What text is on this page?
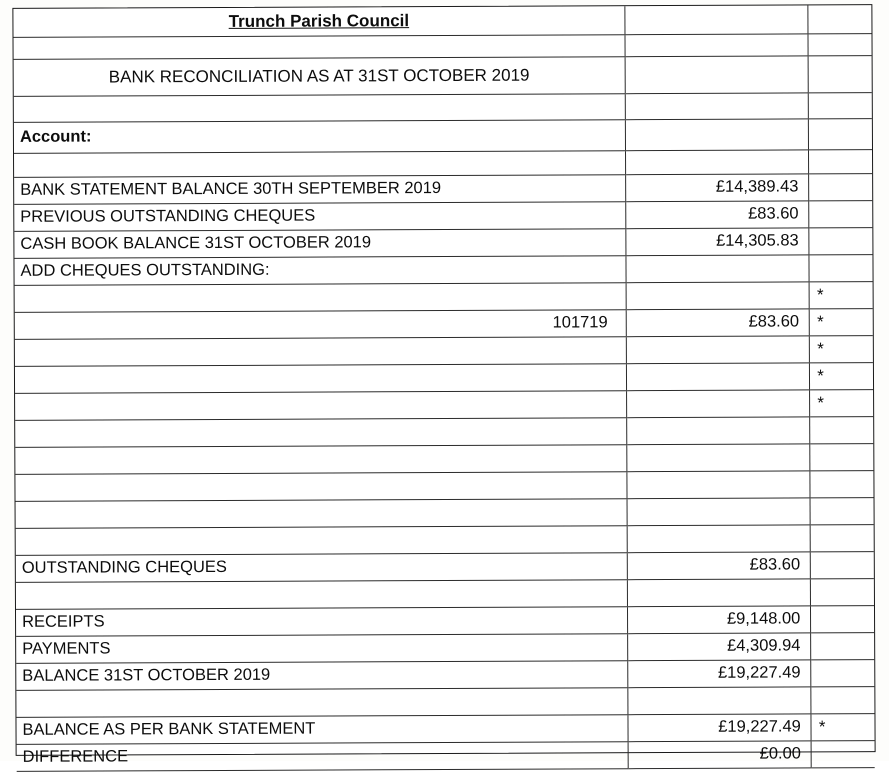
Trunch Parish Council		

BANK RECONCILIATION AS AT 31ST OCTOBER 2019		

Account:		

BANK STATEMENT BALANCE 30TH SEPTEMBER 2019	£14,389.43	
PREVIOUS OUTSTANDING CHEQUES	£83.60	
CASH BOOK BALANCE 31ST OCTOBER 2019	£14,305.83	
ADD CHEQUES OUTSTANDING:		
		*
101719	£83.60	*
		*
		*
		*

OUTSTANDING CHEQUES	£83.60	

RECEIPTS	£9,148.00	
PAYMENTS	£4,309.94	
BALANCE 31ST OCTOBER 2019	£19,227.49	

BALANCE AS PER BANK STATEMENT	£19,227.49	*
DIFFERENCE	£0.00	
